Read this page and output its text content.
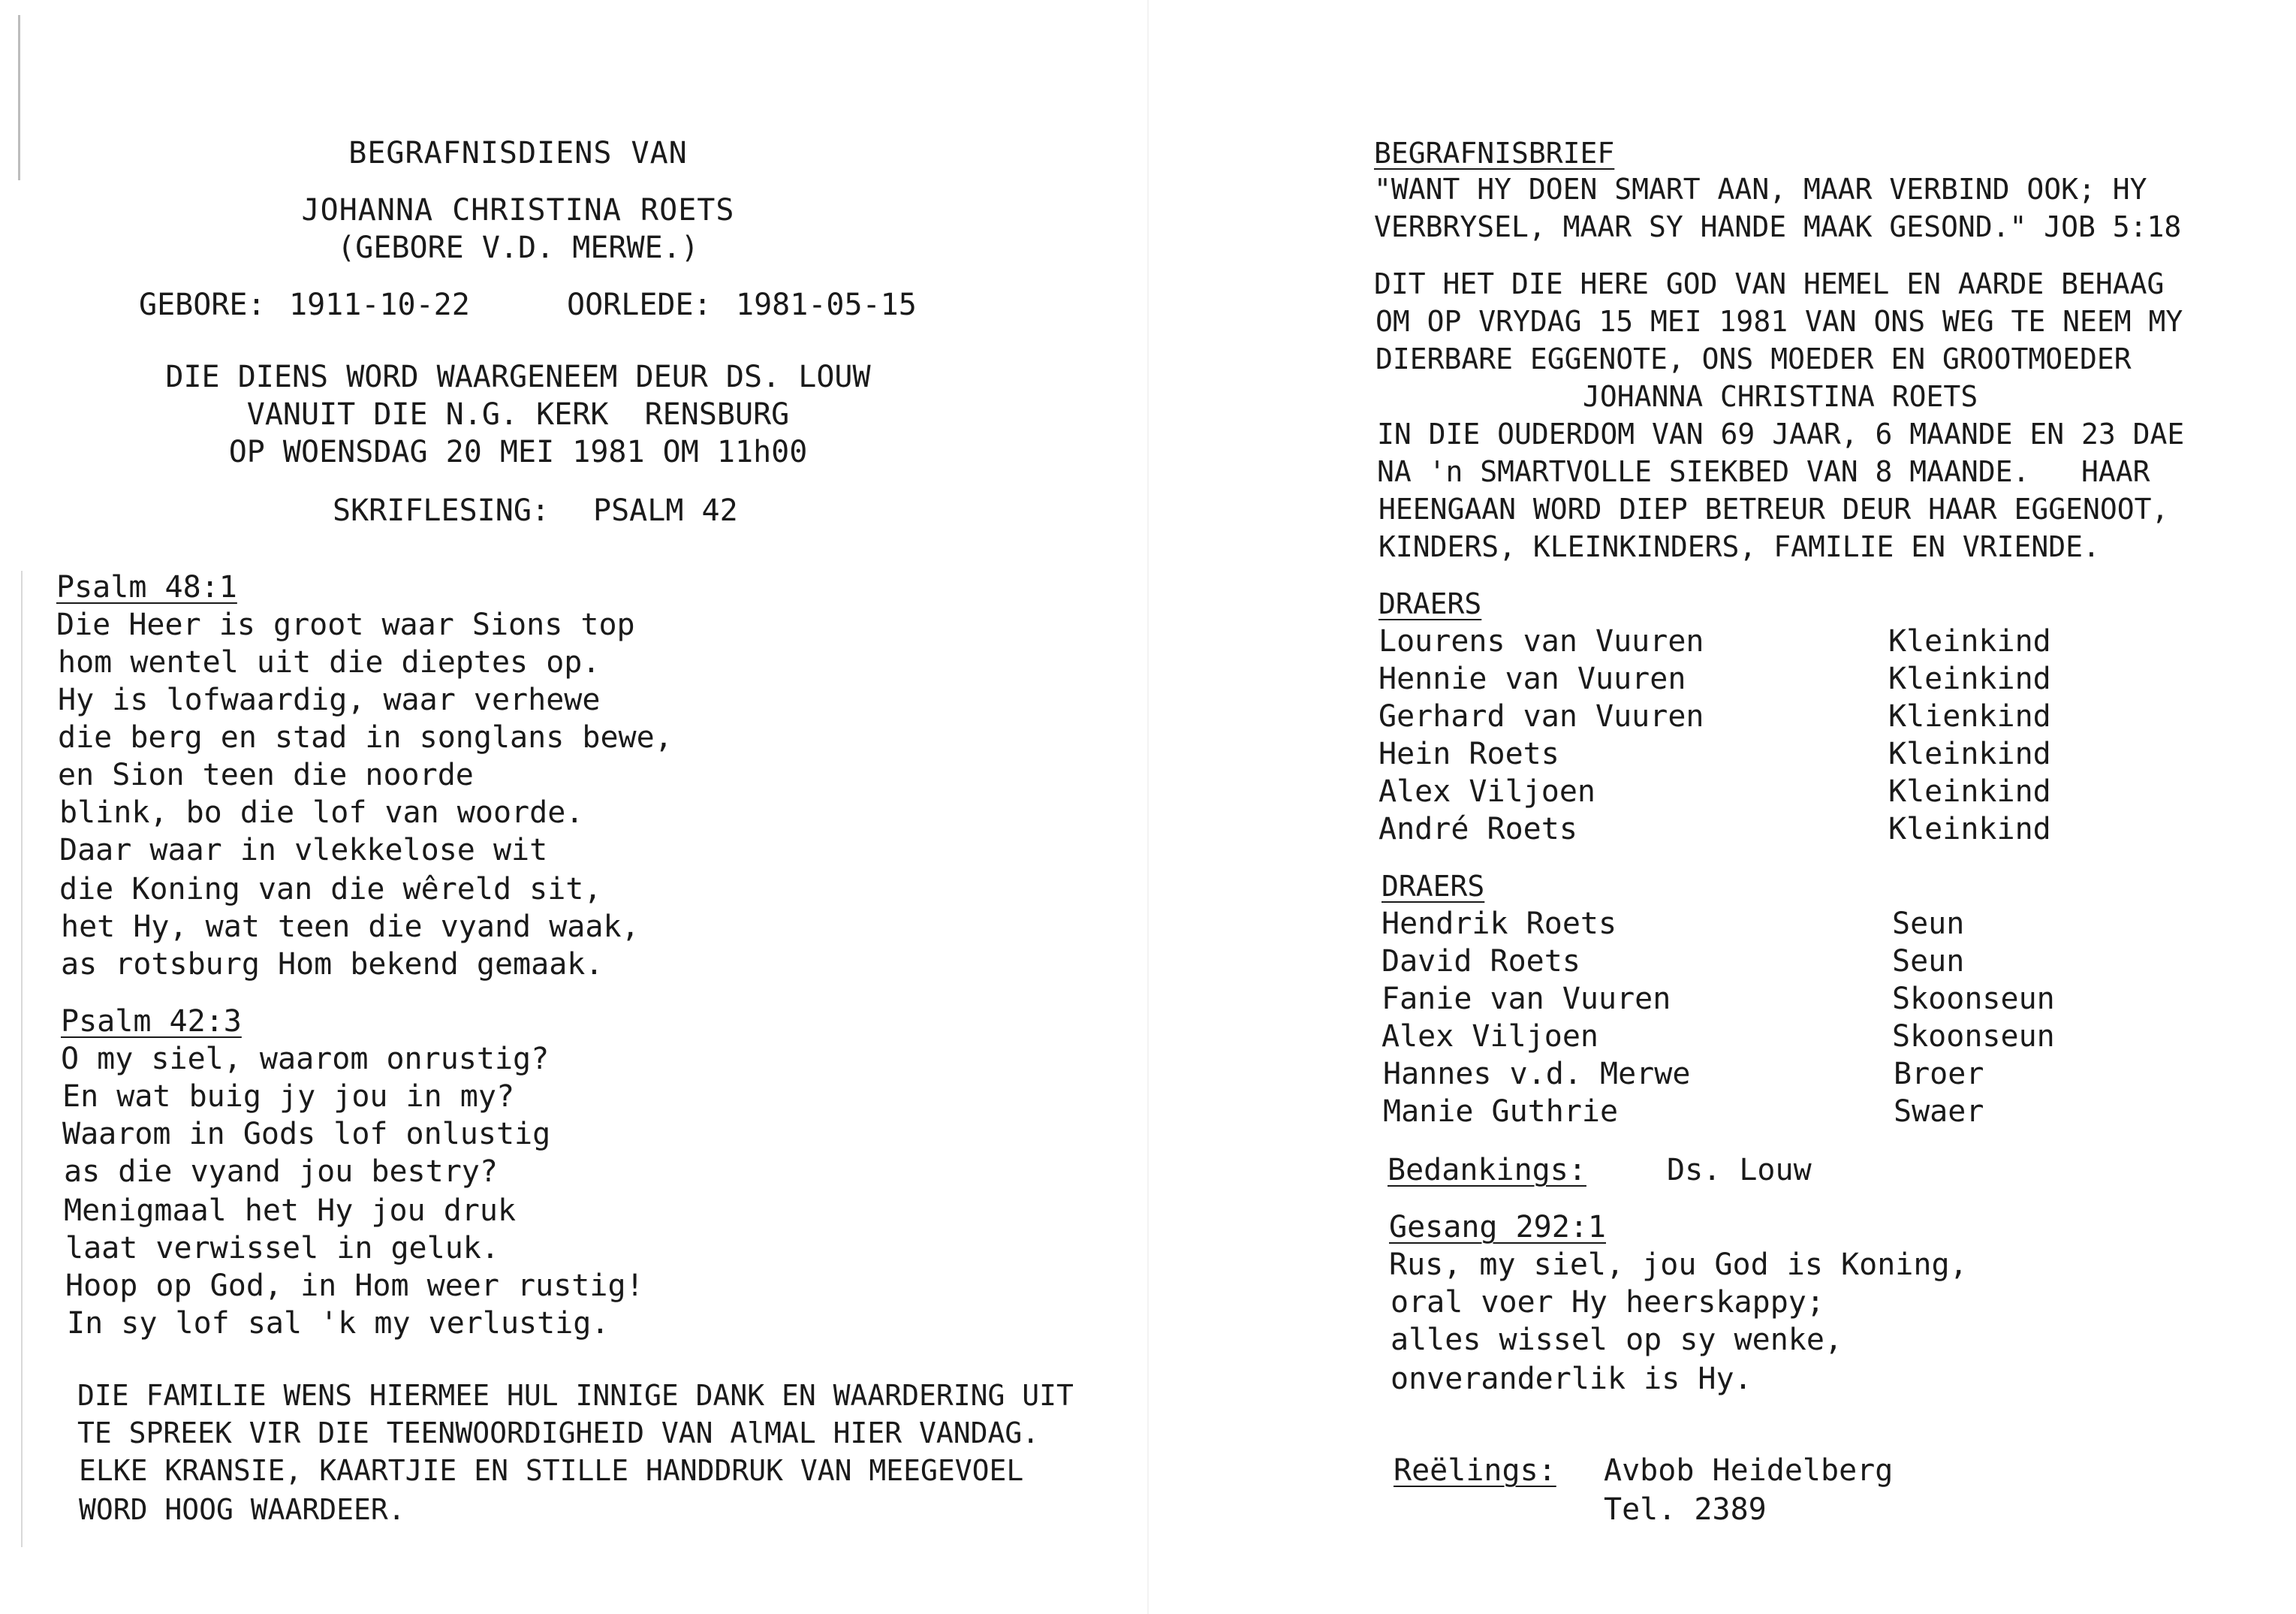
BEGRAFNISDIENS VAN
JOHANNA CHRISTINA ROETS
(GEBORE V.D. MERWE.)
GEBORE: 1911-10-22	OORLEDE: 1981-05-15
DIE DIENS WORD WAARGENEEM DEUR DS. LOUW
VANUIT DIE N.G. KERK  RENSBURG
OP WOENSDAG 20 MEI 1981 OM 11h00
SKRIFLESING: PSALM 42
Psalm 48:1
Die Heer is groot waar Sions top
hom wentel uit die dieptes op.
Hy is lofwaardig, waar verhewe
die berg en stad in songlans bewe,
en Sion teen die noorde
blink, bo die lof van woorde.
Daar waar in vlekkelose wit
die Koning van die wêreld sit,
het Hy, wat teen die vyand waak,
as rotsburg Hom bekend gemaak.
Psalm 42:3
O my siel, waarom onrustig?
En wat buig jy jou in my?
Waarom in Gods lof onlustig
as die vyand jou bestry?
Menigmaal het Hy jou druk
laat verwissel in geluk.
Hoop op God, in Hom weer rustig!
In sy lof sal 'k my verlustig.
DIE FAMILIE WENS HIERMEE HUL INNIGE DANK EN WAARDERING UIT
TE SPREEK VIR DIE TEENWOORDIGHEID VAN AlMAL HIER VANDAG.
ELKE KRANSIE, KAARTJIE EN STILLE HANDDRUK VAN MEEGEVOEL
WORD HOOG WAARDEER.
BEGRAFNISBRIEF
"WANT HY DOEN SMART AAN, MAAR VERBIND OOK; HY
VERBRYSEL, MAAR SY HANDE MAAK GESOND." JOB 5:18
DIT HET DIE HERE GOD VAN HEMEL EN AARDE BEHAAG
OM OP VRYDAG 15 MEI 1981 VAN ONS WEG TE NEEM MY
DIERBARE EGGENOTE, ONS MOEDER EN GROOTMOEDER
JOHANNA CHRISTINA ROETS
IN DIE OUDERDOM VAN 69 JAAR, 6 MAANDE EN 23 DAE
NA 'n SMARTVOLLE SIEKBED VAN 8 MAANDE.   HAAR
HEENGAAN WORD DIEP BETREUR DEUR HAAR EGGENOOT,
KINDERS, KLEINKINDERS, FAMILIE EN VRIENDE.
DRAERS
Lourens van Vuuren	Kleinkind
Hennie van Vuuren	Kleinkind
Gerhard van Vuuren	Klienkind
Hein Roets	Kleinkind
Alex Viljoen	Kleinkind
André Roets	Kleinkind
DRAERS
Hendrik Roets	Seun
David Roets	Seun
Fanie van Vuuren	Skoonseun
Alex Viljoen	Skoonseun
Hannes v.d. Merwe	Broer
Manie Guthrie	Swaer
Bedankings:	Ds. Louw
Gesang 292:1
Rus, my siel, jou God is Koning,
oral voer Hy heerskappy;
alles wissel op sy wenke,
onveranderlik is Hy.
Reëlings: Avbob Heidelberg
Tel. 2389
